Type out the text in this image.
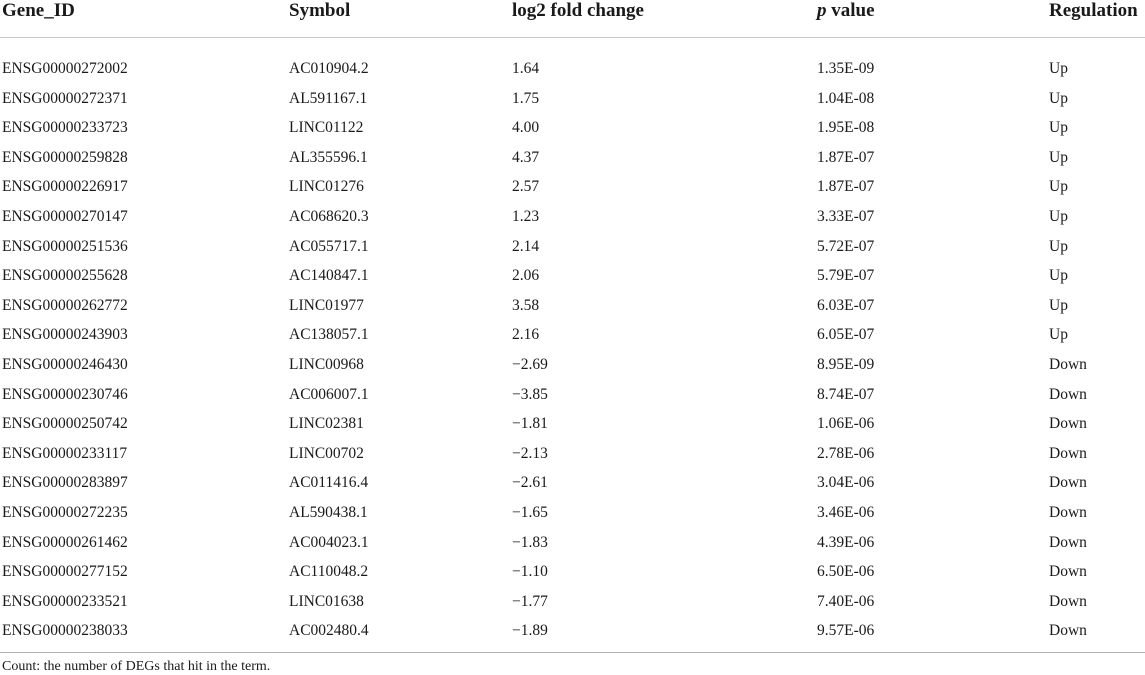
Gene_ID	Symbol	log2 fold change	p value	Regulation
ENSG00000272002	AC010904.2	1.64	1.35E-09	Up
ENSG00000272371	AL591167.1	1.75	1.04E-08	Up
ENSG00000233723	LINC01122	4.00	1.95E-08	Up
ENSG00000259828	AL355596.1	4.37	1.87E-07	Up
ENSG00000226917	LINC01276	2.57	1.87E-07	Up
ENSG00000270147	AC068620.3	1.23	3.33E-07	Up
ENSG00000251536	AC055717.1	2.14	5.72E-07	Up
ENSG00000255628	AC140847.1	2.06	5.79E-07	Up
ENSG00000262772	LINC01977	3.58	6.03E-07	Up
ENSG00000243903	AC138057.1	2.16	6.05E-07	Up
ENSG00000246430	LINC00968	−2.69	8.95E-09	Down
ENSG00000230746	AC006007.1	−3.85	8.74E-07	Down
ENSG00000250742	LINC02381	−1.81	1.06E-06	Down
ENSG00000233117	LINC00702	−2.13	2.78E-06	Down
ENSG00000283897	AC011416.4	−2.61	3.04E-06	Down
ENSG00000272235	AL590438.1	−1.65	3.46E-06	Down
ENSG00000261462	AC004023.1	−1.83	4.39E-06	Down
ENSG00000277152	AC110048.2	−1.10	6.50E-06	Down
ENSG00000233521	LINC01638	−1.77	7.40E-06	Down
ENSG00000238033	AC002480.4	−1.89	9.57E-06	Down
Count: the number of DEGs that hit in the term.
